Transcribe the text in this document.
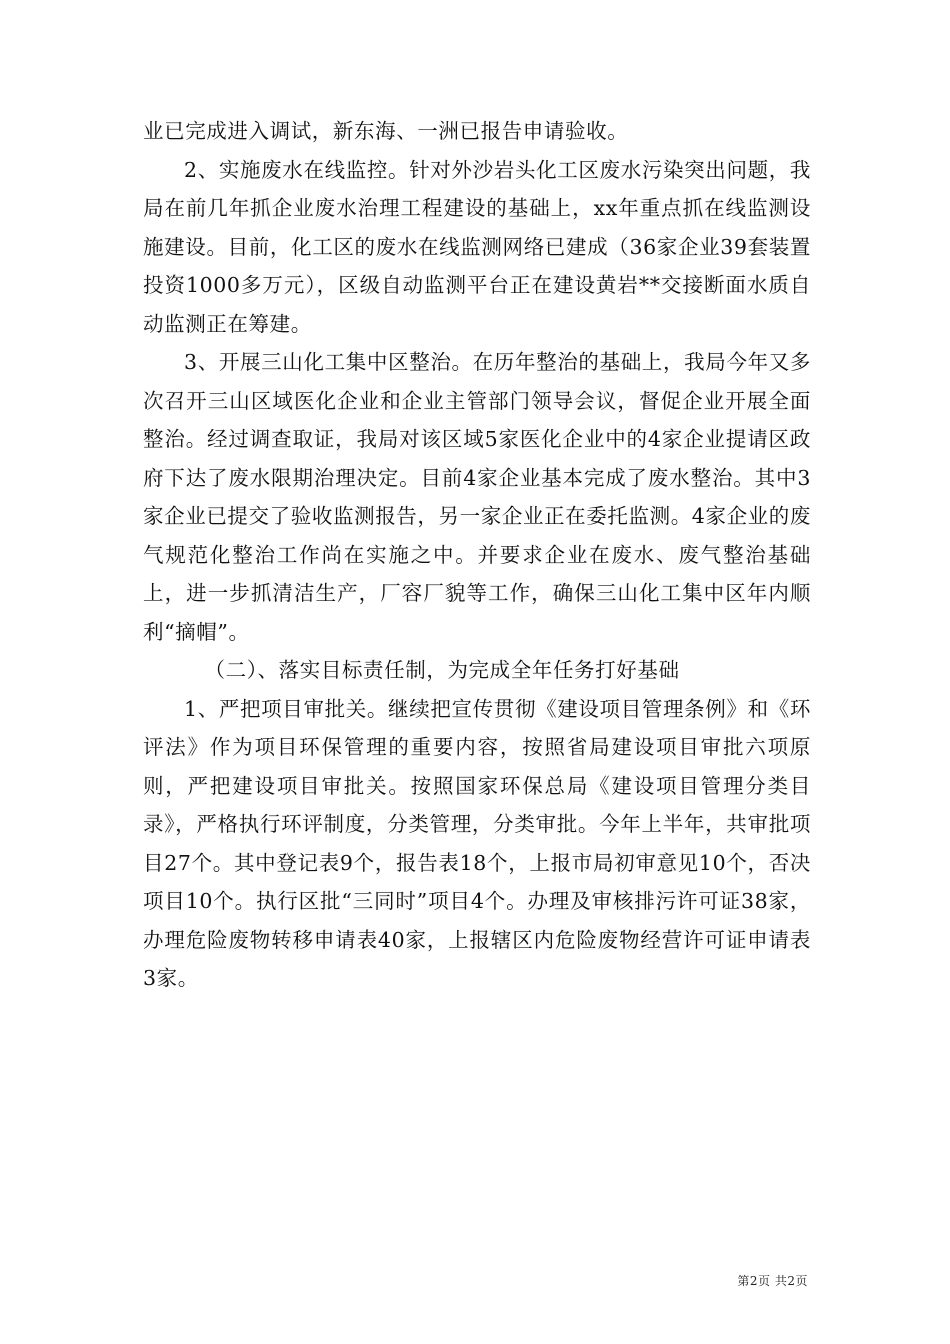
业已完成进入调试，新东海、一洲已报告申请验收。

2、实施废水在线监控。针对外沙岩头化工区废水污染突出问题，我局在前几年抓企业废水治理工程建设的基础上，xx年重点抓在线监测设施建设。目前，化工区的废水在线监测网络已建成（36家企业39套装置投资1000多万元），区级自动监测平台正在建设黄岩**交接断面水质自动监测正在筹建。

3、开展三山化工集中区整治。在历年整治的基础上，我局今年又多次召开三山区域医化企业和企业主管部门领导会议，督促企业开展全面整治。经过调查取证，我局对该区域5家医化企业中的4家企业提请区政府下达了废水限期治理决定。目前4家企业基本完成了废水整治。其中3家企业已提交了验收监测报告，另一家企业正在委托监测。4家企业的废气规范化整治工作尚在实施之中。并要求企业在废水、废气整治基础上，进一步抓清洁生产，厂容厂貌等工作，确保三山化工集中区年内顺利“摘帽”。

（二）、落实目标责任制，为完成全年任务打好基础

1、严把项目审批关。继续把宣传贯彻《建设项目管理条例》和《环评法》作为项目环保管理的重要内容，按照省局建设项目审批六项原则，严把建设项目审批关。按照国家环保总局《建设项目管理分类目录》，严格执行环评制度，分类管理，分类审批。今年上半年，共审批项目27个。其中登记表9个，报告表18个，上报市局初审意见10个，否决项目10个。执行区批“三同时”项目4个。办理及审核排污许可证38家，办理危险废物转移申请表40家，上报辖区内危险废物经营许可证申请表3家。

第2页 共2页
